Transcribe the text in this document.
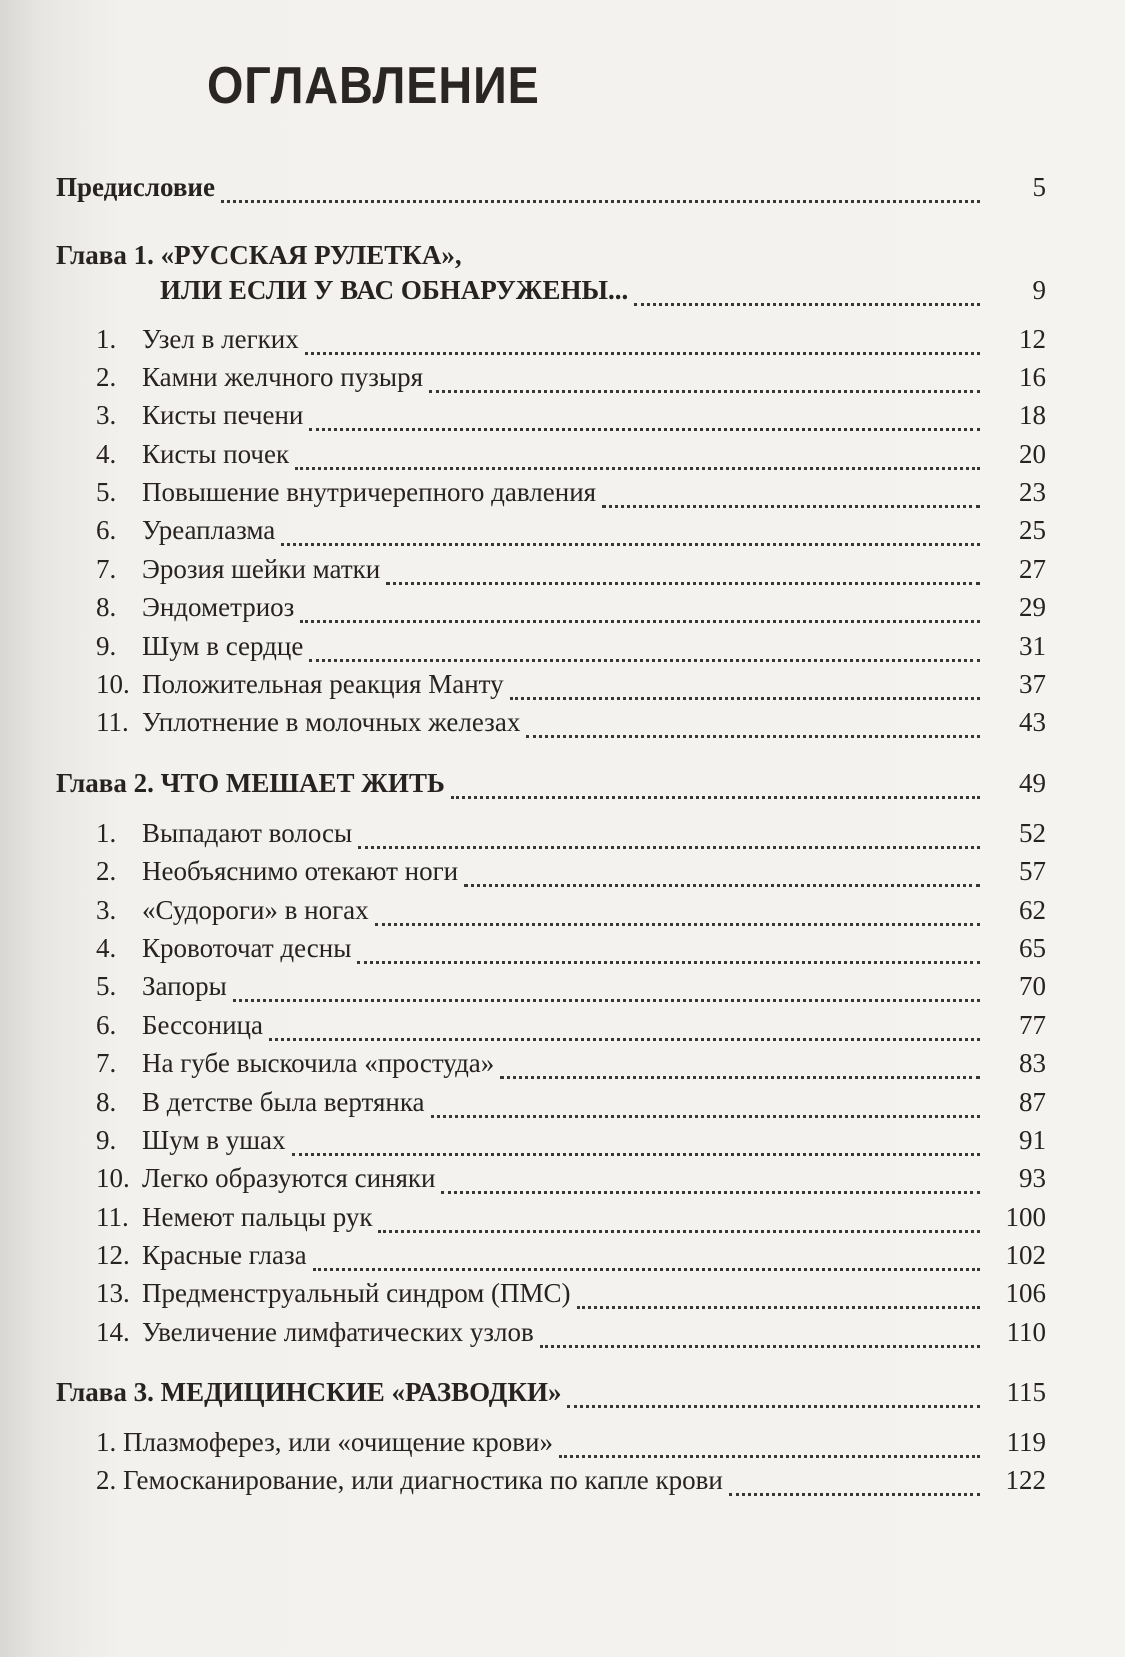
ОГЛАВЛЕНИЕ
Предисловие	5
Глава 1. «РУССКАЯ РУЛЕТКА»,
ИЛИ ЕСЛИ У ВАС ОБНАРУЖЕНЫ...	9
1. Узел в легких	12
2. Камни желчного пузыря	16
3. Кисты печени	18
4. Кисты почек	20
5. Повышение внутричерепного давления	23
6. Уреаплазма	25
7. Эрозия шейки матки	27
8. Эндометриоз	29
9. Шум в сердце	31
10. Положительная реакция Манту	37
11. Уплотнение в молочных железах	43
Глава 2. ЧТО МЕШАЕТ ЖИТЬ	49
1. Выпадают волосы	52
2. Необъяснимо отекают ноги	57
3. «Судороги» в ногах	62
4. Кровоточат десны	65
5. Запоры	70
6. Бессоница	77
7. На губе выскочила «простуда»	83
8. В детстве была вертянка	87
9. Шум в ушах	91
10. Легко образуются синяки	93
11. Немеют пальцы рук	100
12. Красные глаза	102
13. Предменструальный синдром (ПМС)	106
14. Увеличение лимфатических узлов	110
Глава 3. МЕДИЦИНСКИЕ «РАЗВОДКИ»	115
1. Плазмоферез, или «очищение крови»	119
2. Гемосканирование, или диагностика по капле крови	122
